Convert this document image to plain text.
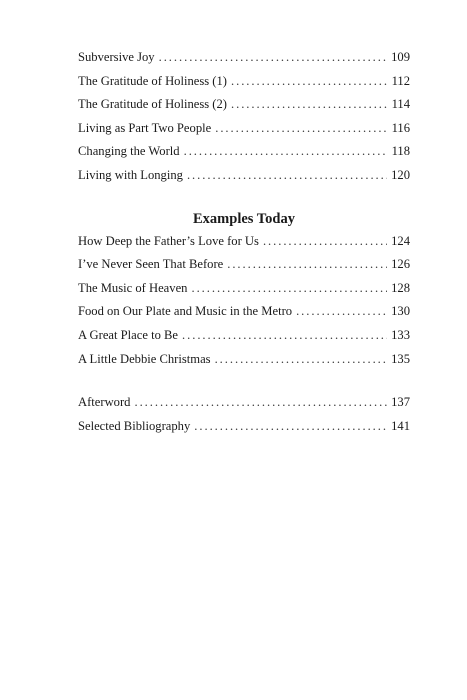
Subversive Joy . . .	109
The Gratitude of Holiness (1) . . .	112
The Gratitude of Holiness (2) . . .	114
Living as Part Two People . . .	116
Changing the World . . .	118
Living with Longing . . .	120
Examples Today
How Deep the Father’s Love for Us . . .	124
I’ve Never Seen That Before . . .	126
The Music of Heaven . . .	128
Food on Our Plate and Music in the Metro . . .	130
A Great Place to Be . . .	133
A Little Debbie Christmas . . .	135
Afterword . . .	137
Selected Bibliography . . .	141
